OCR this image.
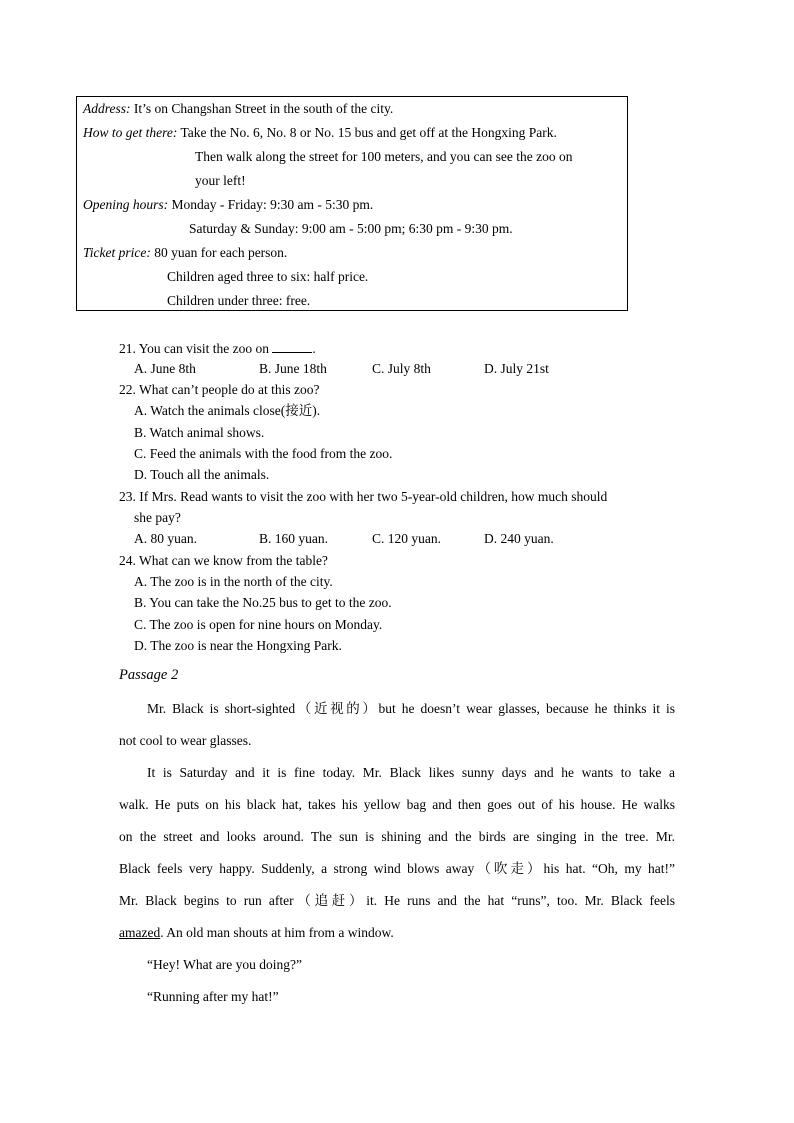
Address: It’s on Changshan Street in the south of the city.
How to get there: Take the No. 6, No. 8 or No. 15 bus and get off at the Hongxing Park.
Then walk along the street for 100 meters, and you can see the zoo on
your left!
Opening hours: Monday - Friday: 9:30 am - 5:30 pm.
Saturday & Sunday: 9:00 am - 5:00 pm; 6:30 pm - 9:30 pm.
Ticket price: 80 yuan for each person.
Children aged three to six: half price.
Children under three: free.
21. You can visit the zoo on	.
A. June 8th	B. June 18th	C. July 8th	D. July 21st
22. What can’t people do at this zoo?
A. Watch the animals close(接近).
B. Watch animal shows.
C. Feed the animals with the food from the zoo.
D. Touch all the animals.
23. If Mrs. Read wants to visit the zoo with her two 5-year-old children, how much should
she pay?
A. 80 yuan.	B. 160 yuan.	C. 120 yuan.	D. 240 yuan.
24. What can we know from the table?
A. The zoo is in the north of the city.
B. You can take the No.25 bus to get to the zoo.
C. The zoo is open for nine hours on Monday.
D. The zoo is near the Hongxing Park.
Passage 2
Mr. Black is short-sighted（近视的）but he doesn’t wear glasses, because he thinks it is
not cool to wear glasses.
It is Saturday and it is fine today. Mr. Black likes sunny days and he wants to take a
walk. He puts on his black hat, takes his yellow bag and then goes out of his house. He walks
on the street and looks around. The sun is shining and the birds are singing in the tree. Mr.
Black feels very happy. Suddenly, a strong wind blows away（吹走）his hat. “Oh, my hat!”
Mr. Black begins to run after（追赶）it. He runs and the hat “runs”, too. Mr. Black feels
amazed. An old man shouts at him from a window.
“Hey! What are you doing?”
“Running after my hat!”
